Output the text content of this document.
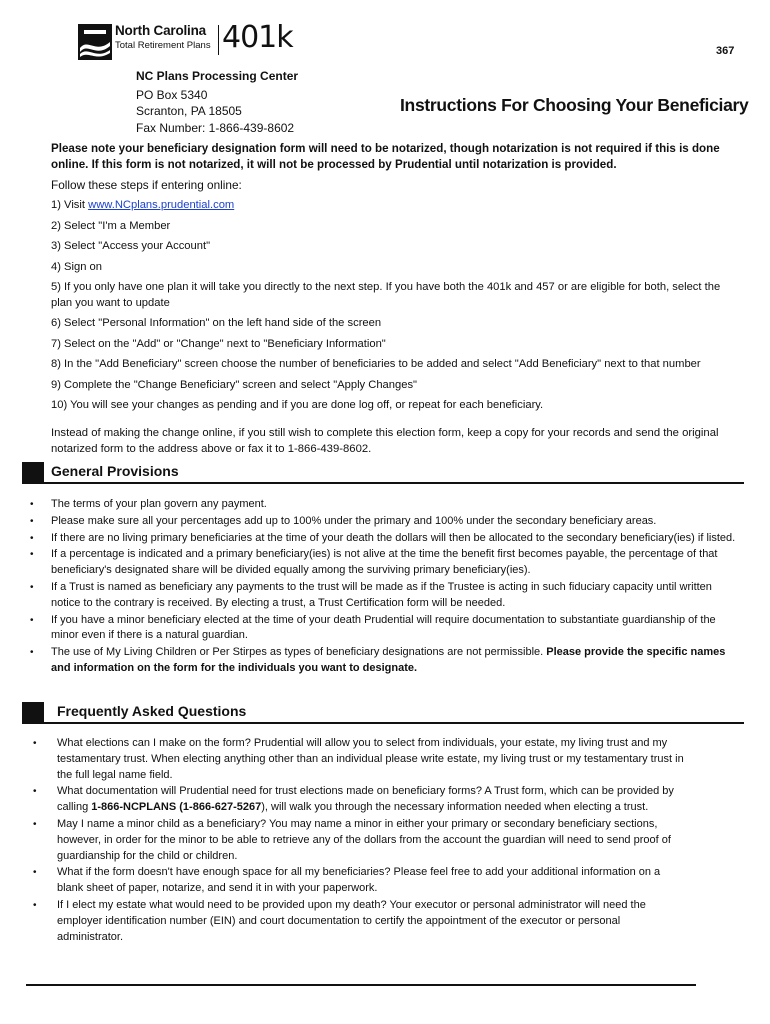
North Carolina
Total Retirement Plans 401k	367
NC Plans Processing Center
PO Box 5340
Scranton, PA 18505
Fax Number: 1-866-439-8602
Instructions For Choosing Your Beneficiary
Please note your beneficiary designation form will need to be notarized, though notarization is not required if this is done online. If this form is not notarized, it will not be processed by Prudential until notarization is provided.
Follow these steps if entering online:
1) Visit www.NCplans.prudential.com
2) Select "I'm a Member
3) Select "Access your Account"
4) Sign on
5) If you only have one plan it will take you directly to the next step. If you have both the 401k and 457 or are eligible for both, select the plan you want to update
6) Select "Personal Information" on the left hand side of the screen
7) Select on the "Add" or "Change" next to "Beneficiary Information"
8) In the "Add Beneficiary" screen choose the number of beneficiaries to be added and select "Add Beneficiary" next to that number
9) Complete the "Change Beneficiary" screen and select "Apply Changes"
10) You will see your changes as pending and if you are done log off, or repeat for each beneficiary.
Instead of making the change online, if you still wish to complete this election form, keep a copy for your records and send the original notarized form to the address above or fax it to 1-866-439-8602.
General Provisions
• The terms of your plan govern any payment.
• Please make sure all your percentages add up to 100% under the primary and 100% under the secondary beneficiary areas.
• If there are no living primary beneficiaries at the time of your death the dollars will then be allocated to the secondary beneficiary(ies) if listed.
• If a percentage is indicated and a primary beneficiary(ies) is not alive at the time the benefit first becomes payable, the percentage of that beneficiary's designated share will be divided equally among the surviving primary beneficiary(ies).
• If a Trust is named as beneficiary any payments to the trust will be made as if the Trustee is acting in such fiduciary capacity until written notice to the contrary is received. By electing a trust, a Trust Certification form will be needed.
• If you have a minor beneficiary elected at the time of your death Prudential will require documentation to substantiate guardianship of the minor even if there is a natural guardian.
• The use of My Living Children or Per Stirpes as types of beneficiary designations are not permissible. Please provide the specific names and information on the form for the individuals you want to designate.
Frequently Asked Questions
• What elections can I make on the form? Prudential will allow you to select from individuals, your estate, my living trust and my testamentary trust. When electing anything other than an individual please write estate, my living trust or my testamentary trust in the full legal name field.
• What documentation will Prudential need for trust elections made on beneficiary forms? A Trust form, which can be provided by calling 1-866-NCPLANS (1-866-627-5267), will walk you through the necessary information needed when electing a trust.
• May I name a minor child as a beneficiary? You may name a minor in either your primary or secondary beneficiary sections, however, in order for the minor to be able to retrieve any of the dollars from the account the guardian will need to send proof of guardianship for the child or children.
• What if the form doesn't have enough space for all my beneficiaries? Please feel free to add your additional information on a blank sheet of paper, notarize, and send it in with your paperwork.
• If I elect my estate what would need to be provided upon my death? Your executor or personal administrator will need the employer identification number (EIN) and court documentation to certify the appointment of the executor or personal administrator.
